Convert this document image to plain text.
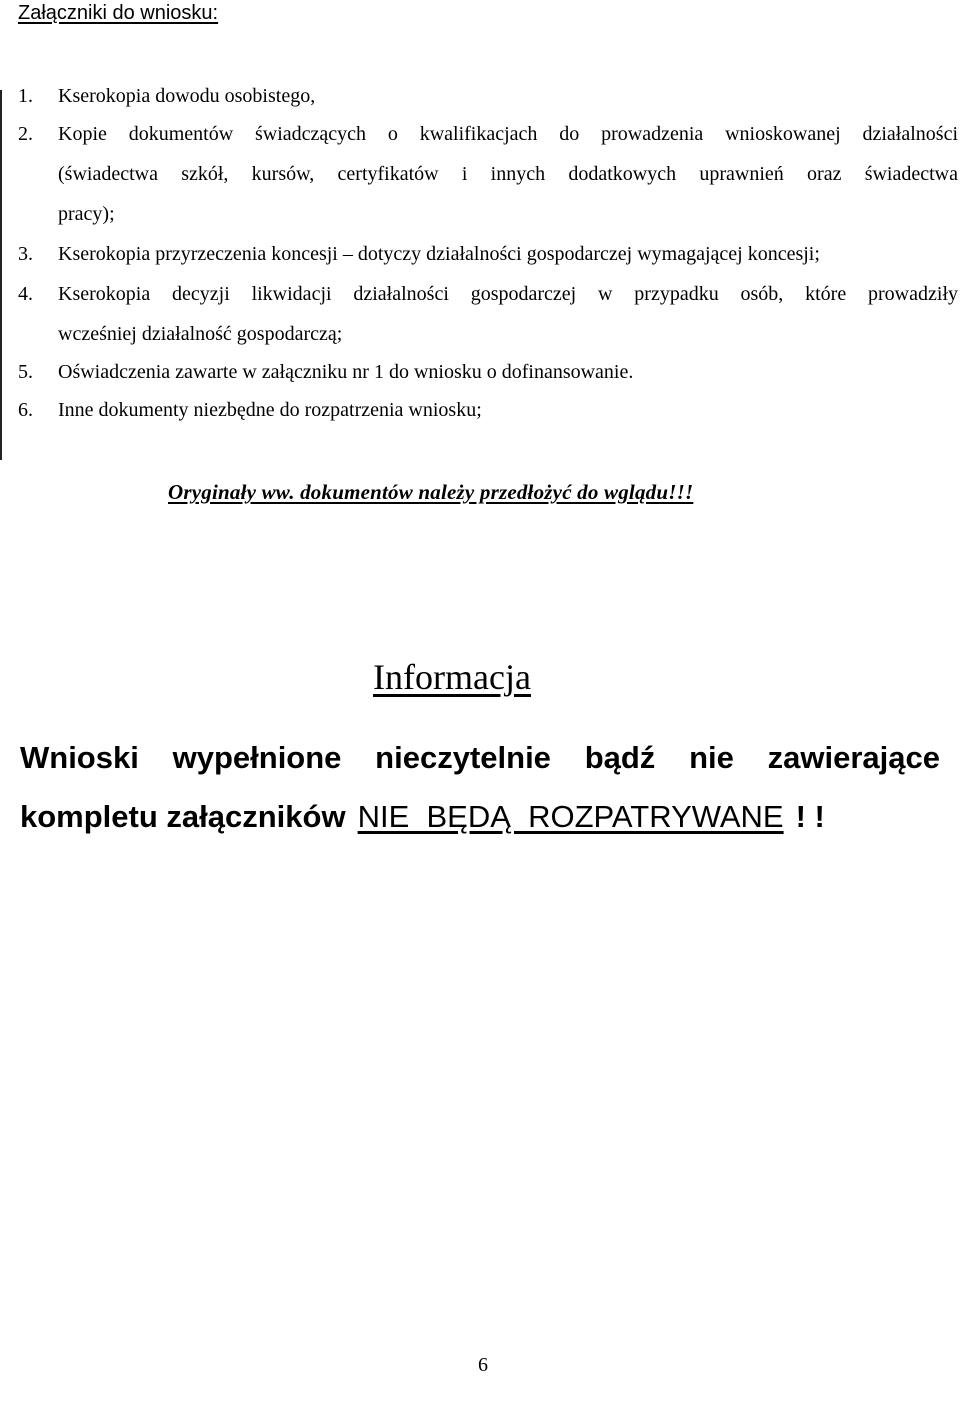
Załączniki do wniosku:
1.	Kserokopia dowodu osobistego,
2.	Kopie dokumentów świadczących o kwalifikacjach do prowadzenia wnioskowanej działalności
(świadectwa szkół, kursów, certyfikatów i innych dodatkowych uprawnień oraz świadectwa
pracy);
3.	Kserokopia przyrzeczenia koncesji – dotyczy działalności gospodarczej wymagającej koncesji;
4.	Kserokopia decyzji likwidacji działalności gospodarczej w przypadku osób, które prowadziły
wcześniej działalność gospodarczą;
5.	Oświadczenia zawarte w załączniku nr 1 do wniosku o dofinansowanie.
6.	Inne dokumenty niezbędne do rozpatrzenia wniosku;
Oryginały ww. dokumentów należy przedłożyć do wglądu!!!
Informacja
Wnioski wypełnione nieczytelnie bądź nie zawierające
kompletu załączników NIE  BĘDĄ  ROZPATRYWANE ! !
6
